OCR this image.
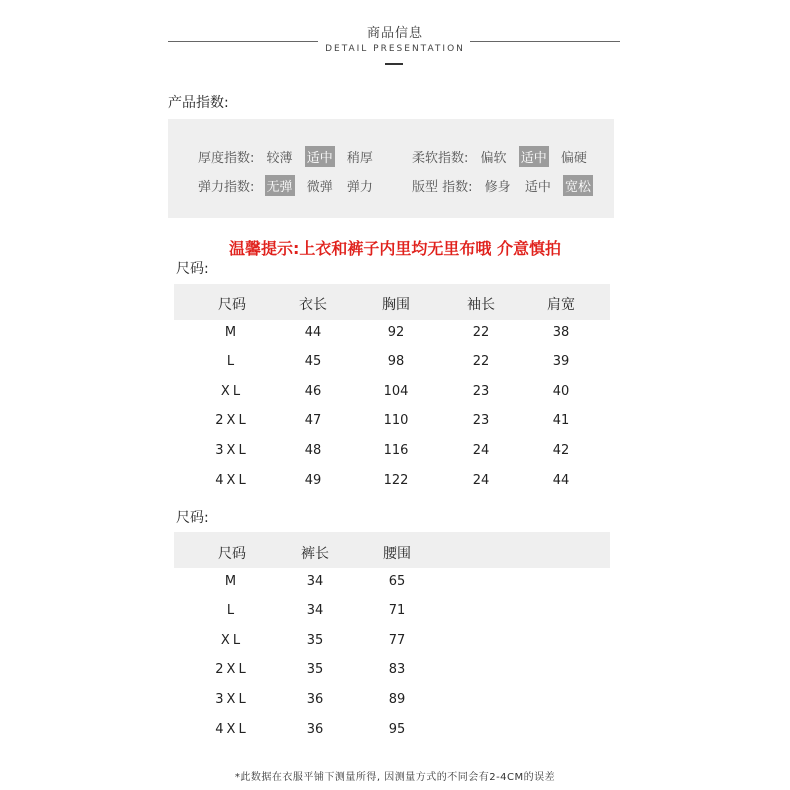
商品信息
DETAIL PRESENTATION
产品指数:
厚度指数: 较薄 适中 稍厚	柔软指数: 偏软 适中 偏硬
弹力指数: 无弹 微弹 弹力	版型 指数: 修身 适中 宽松
温馨提示:上衣和裤子内里均无里布哦 介意慎拍
尺码:
尺码	衣长	胸围	袖长	肩宽
M	44	92	22	38
L	45	98	22	39
XL	46	104	23	40
2XL	47	110	23	41
3XL	48	116	24	42
4XL	49	122	24	44
尺码:
尺码	裤长	腰围
M	34	65
L	34	71
XL	35	77
2XL	35	83
3XL	36	89
4XL	36	95
*此数据在衣服平铺下测量所得, 因测量方式的不同会有2-4CM的误差
